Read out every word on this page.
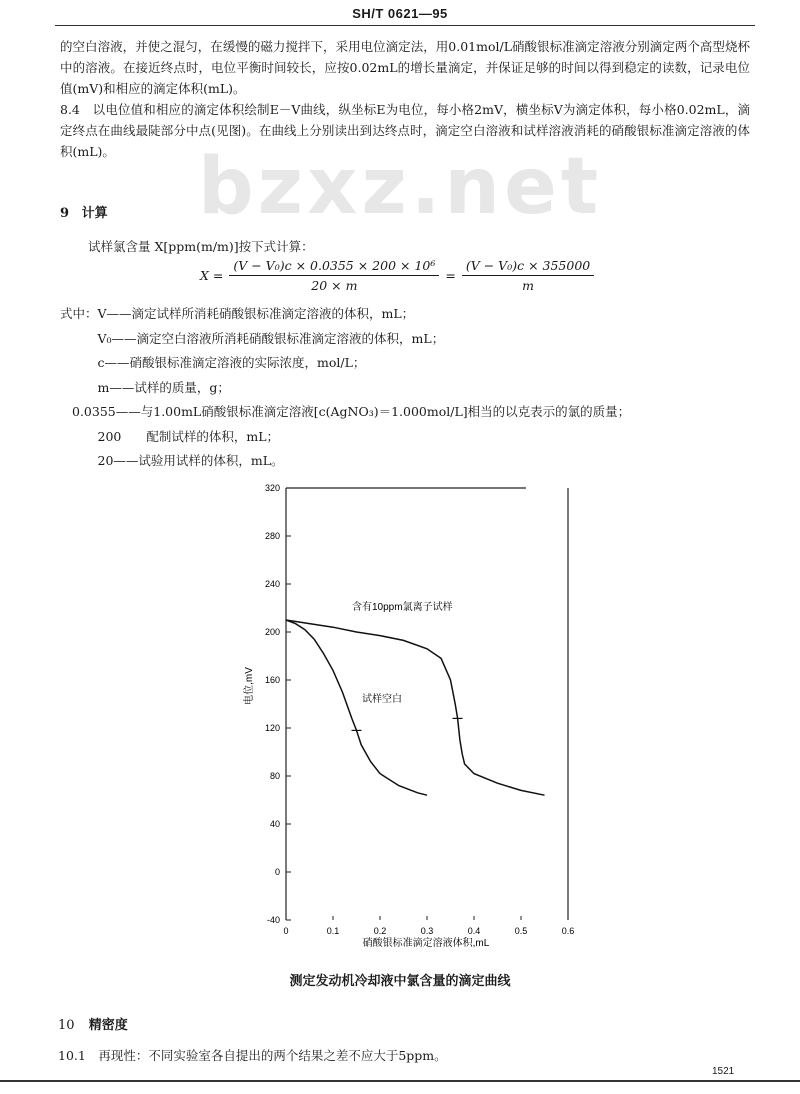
SH/T 0621—95
bzxz.net

的空白溶液，并使之混匀，在缓慢的磁力搅拌下，采用电位滴定法，用0.01mol/L硝酸银标准滴定溶液分别滴定两个高型烧杯中的溶液。在接近终点时，电位平衡时间较长，应按0.02mL的增长量滴定，并保证足够的时间以得到稳定的读数，记录电位值(mV)和相应的滴定体积(mL)。

8.4　以电位值和相应的滴定体积绘制E－V曲线，纵坐标E为电位，每小格2mV，横坐标V为滴定体积，每小格0.02mL，滴定终点在曲线最陡部分中点(见图)。在曲线上分别读出到达终点时，滴定空白溶液和试样溶液消耗的硝酸银标准滴定溶液的体积(mL)。

9 计算
试样氯含量 X[ppm(m/m)]按下式计算：
$X = \frac{\text{(V − V₀)c × 0.0355 × 200 × 10⁶}}{20 \times m} = \frac{\text{(V − V₀)c × 355000}}{m}$
式中：V——滴定试样所消耗硝酸银标准滴定溶液的体积，mL；
　　　V₀——滴定空白溶液所消耗硝酸银标准滴定溶液的体积，mL；
　　　c——硝酸银标准滴定溶液的实际浓度，mol/L；
　　　m——试样的质量，g；
0.0355——与1.00mL硝酸银标准滴定溶液[c(AgNO₃)＝1.000mol/L]相当的以克表示的氯的质量；
　　　200　　配制试样的体积，mL；
　　　20——试验用试样的体积，mL。
-40
0
40
80
120
160
200
240
280
320
0	0.1	0.2	0.3	0.4	0.5	0.6
电位,mV
硝酸银标准滴定溶液体积,mL
含有10ppm氯离子试样
试样空白
测定发动机冷却液中氯含量的滴定曲线
10 精密度
10.1　再现性：不同实验室各自提出的两个结果之差不应大于5ppm。
1521
